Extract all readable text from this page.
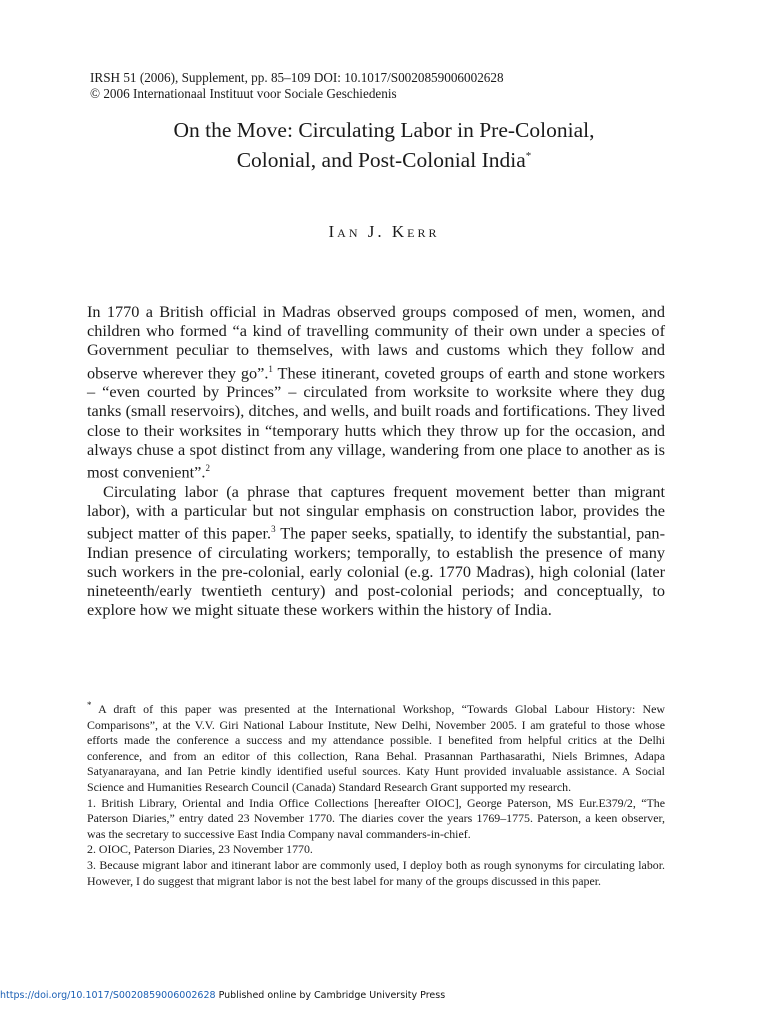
IRSH 51 (2006), Supplement, pp. 85–109 DOI: 10.1017/S0020859006002628
© 2006 Internationaal Instituut voor Sociale Geschiedenis
On the Move: Circulating Labor in Pre-Colonial,
Colonial, and Post-Colonial India*
Ian J. Kerr

In 1770 a British official in Madras observed groups composed of men, women, and children who formed “a kind of travelling community of their own under a species of Government peculiar to themselves, with laws and customs which they follow and observe wherever they go”.$^1$ These itinerant, coveted groups of earth and stone workers – “even courted by Princes” – circulated from worksite to worksite where they dug tanks (small reservoirs), ditches, and wells, and built roads and fortifications. They lived close to their worksites in “temporary hutts which they throw up for the occasion, and always chuse a spot distinct from any village, wandering from one place to another as is most convenient”.$^2$

Circulating labor (a phrase that captures frequent movement better than migrant labor), with a particular but not singular emphasis on construction labor, provides the subject matter of this paper.$^3$ The paper seeks, spatially, to identify the substantial, pan-Indian presence of circulating workers; temporally, to establish the presence of many such workers in the pre-colonial, early colonial (e.g. 1770 Madras), high colonial (later nineteenth/early twentieth century) and post-colonial periods; and conceptually, to explore how we might situate these workers within the history of India.

* A draft of this paper was presented at the International Workshop, “Towards Global Labour History: New Comparisons”, at the V.V. Giri National Labour Institute, New Delhi, November 2005. I am grateful to those whose efforts made the conference a success and my attendance possible. I benefited from helpful critics at the Delhi conference, and from an editor of this collection, Rana Behal. Prasannan Parthasarathi, Niels Brimnes, Adapa Satyanarayana, and Ian Petrie kindly identified useful sources. Katy Hunt provided invaluable assistance. A Social Science and Humanities Research Council (Canada) Standard Research Grant supported my research.

1. British Library, Oriental and India Office Collections [hereafter OIOC], George Paterson, MS Eur.E379/2, “The Paterson Diaries,” entry dated 23 November 1770. The diaries cover the years 1769–1775. Paterson, a keen observer, was the secretary to successive East India Company naval commanders-in-chief.

2. OIOC, Paterson Diaries, 23 November 1770.

3. Because migrant labor and itinerant labor are commonly used, I deploy both as rough synonyms for circulating labor. However, I do suggest that migrant labor is not the best label for many of the groups discussed in this paper.

https://doi.org/10.1017/S0020859006002628 Published online by Cambridge University Press
